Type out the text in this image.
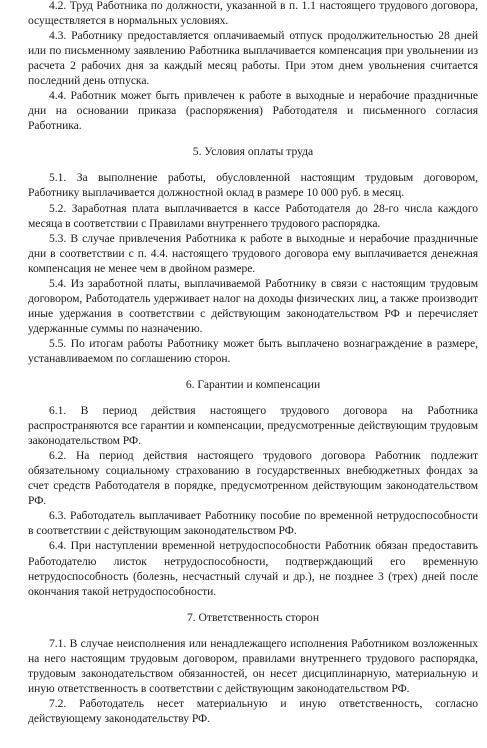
4.2. Труд Работника по должности, указанной в п. 1.1 настоящего трудового договора, осуществляется в нормальных условиях.

4.3. Работнику предоставляется оплачиваемый отпуск продолжительностью 28 дней или по письменному заявлению Работника выплачивается компенсация при увольнении из расчета 2 рабочих дня за каждый месяц работы. При этом днем увольнения считается последний день отпуска.

4.4. Работник может быть привлечен к работе в выходные и нерабочие праздничные дни на основании приказа (распоряжения) Работодателя и письменного согласия Работника.

5. Условия оплаты труда

5.1. За выполнение работы, обусловленной настоящим трудовым договором, Работнику выплачивается должностной оклад в размере 10 000 руб. в месяц.

5.2. Заработная плата выплачивается в кассе Работодателя до 28-го числа каждого месяца в соответствии с Правилами внутреннего трудового распорядка.

5.3. В случае привлечения Работника к работе в выходные и нерабочие праздничные дни в соответствии с п. 4.4. настоящего трудового договора ему выплачивается денежная компенсация не менее чем в двойном размере.

5.4. Из заработной платы, выплачиваемой Работнику в связи с настоящим трудовым договором, Работодатель удерживает налог на доходы физических лиц, а также производит иные удержания в соответствии с действующим законодательством РФ и перечисляет удержанные суммы по назначению.

5.5. По итогам работы Работнику может быть выплачено вознаграждение в размере, устанавливаемом по соглашению сторон.

6. Гарантии и компенсации

6.1. В период действия настоящего трудового договора на Работника распространяются все гарантии и компенсации, предусмотренные действующим трудовым законодательством РФ.

6.2. На период действия настоящего трудового договора Работник подлежит обязательному социальному страхованию в государственных внебюджетных фондах за счет средств Работодателя в порядке, предусмотренном действующим законодательством РФ.

6.3. Работодатель выплачивает Работнику пособие по временной нетрудоспособности в соответствии с действующим законодательством РФ.

6.4. При наступлении временной нетрудоспособности Работник обязан предоставить Работодателю листок нетрудоспособности, подтверждающий его временную нетрудоспособность (болезнь, несчастный случай и др.), не позднее 3 (трех) дней после окончания такой нетрудоспособности.

7. Ответственность сторон

7.1. В случае неисполнения или ненадлежащего исполнения Работником возложенных на него настоящим трудовым договором, правилами внутреннего трудового распорядка, трудовым законодательством обязанностей, он несет дисциплинарную, материальную и иную ответственность в соответствии с действующим законодательством РФ.

7.2. Работодатель несет материальную и иную ответственность, согласно действующему законодательству РФ.
